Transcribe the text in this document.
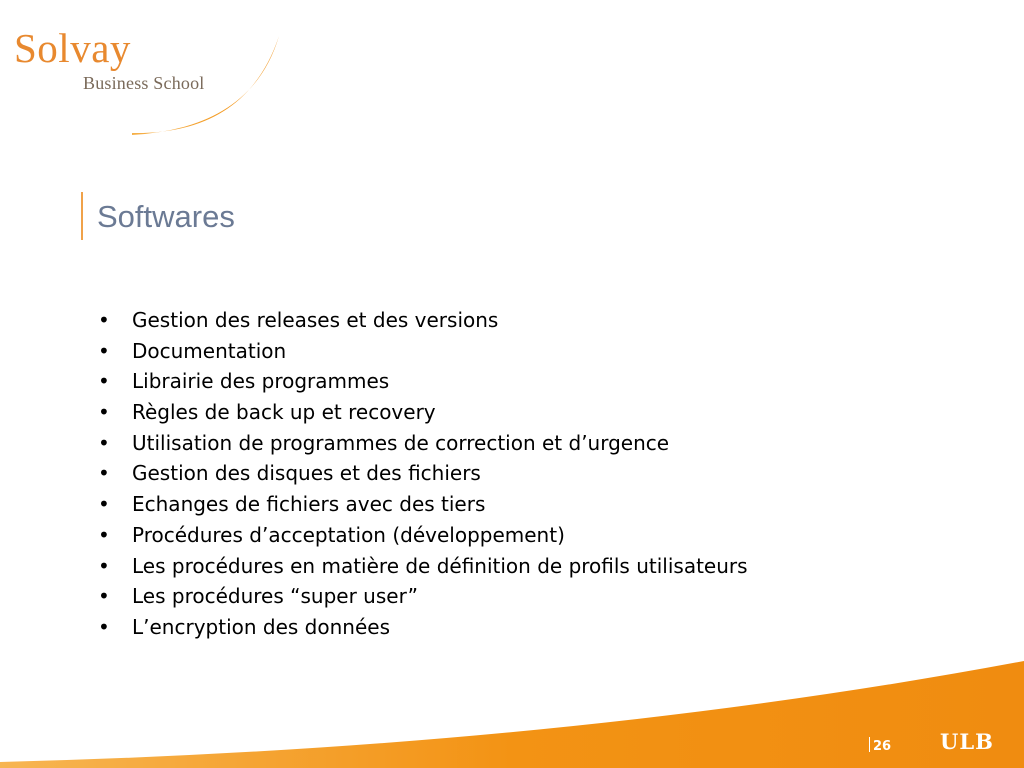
Solvay
Business School
Softwares
• Gestion des releases et des versions
• Documentation
• Librairie des programmes
• Règles de back up et recovery
• Utilisation de programmes de correction et d’urgence
• Gestion des disques et des fichiers
• Echanges de fichiers avec des tiers
• Procédures d’acceptation (développement)
• Les procédures en matière de définition de profils utilisateurs
• Les procédures “super user”
• L’encryption des données
26 ULB
